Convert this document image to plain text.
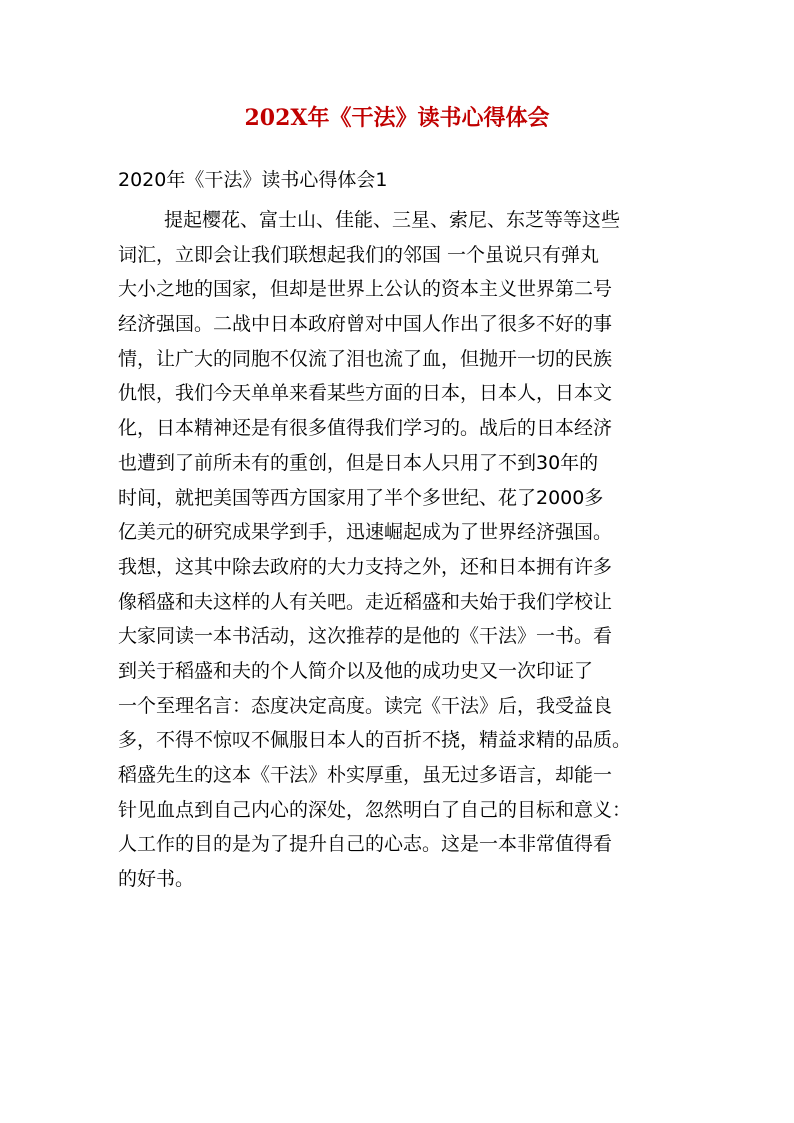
202X年《干法》读书心得体会
2020年《干法》读书心得体会1
提起樱花、富士山、佳能、三星、索尼、东芝等等这些
词汇，立即会让我们联想起我们的邻国 一个虽说只有弹丸
大小之地的国家，但却是世界上公认的资本主义世界第二号
经济强国。二战中日本政府曾对中国人作出了很多不好的事
情，让广大的同胞不仅流了泪也流了血，但抛开一切的民族
仇恨，我们今天单单来看某些方面的日本，日本人，日本文
化，日本精神还是有很多值得我们学习的。战后的日本经济
也遭到了前所未有的重创，但是日本人只用了不到30年的
时间，就把美国等西方国家用了半个多世纪、花了2000多
亿美元的研究成果学到手，迅速崛起成为了世界经济强国。
我想，这其中除去政府的大力支持之外，还和日本拥有许多
像稻盛和夫这样的人有关吧。走近稻盛和夫始于我们学校让
大家同读一本书活动，这次推荐的是他的《干法》一书。看
到关于稻盛和夫的个人简介以及他的成功史又一次印证了
一个至理名言：态度决定高度。读完《干法》后，我受益良
多，不得不惊叹不佩服日本人的百折不挠，精益求精的品质。
稻盛先生的这本《干法》朴实厚重，虽无过多语言，却能一
针见血点到自己内心的深处，忽然明白了自己的目标和意义：
人工作的目的是为了提升自己的心志。这是一本非常值得看
的好书。
